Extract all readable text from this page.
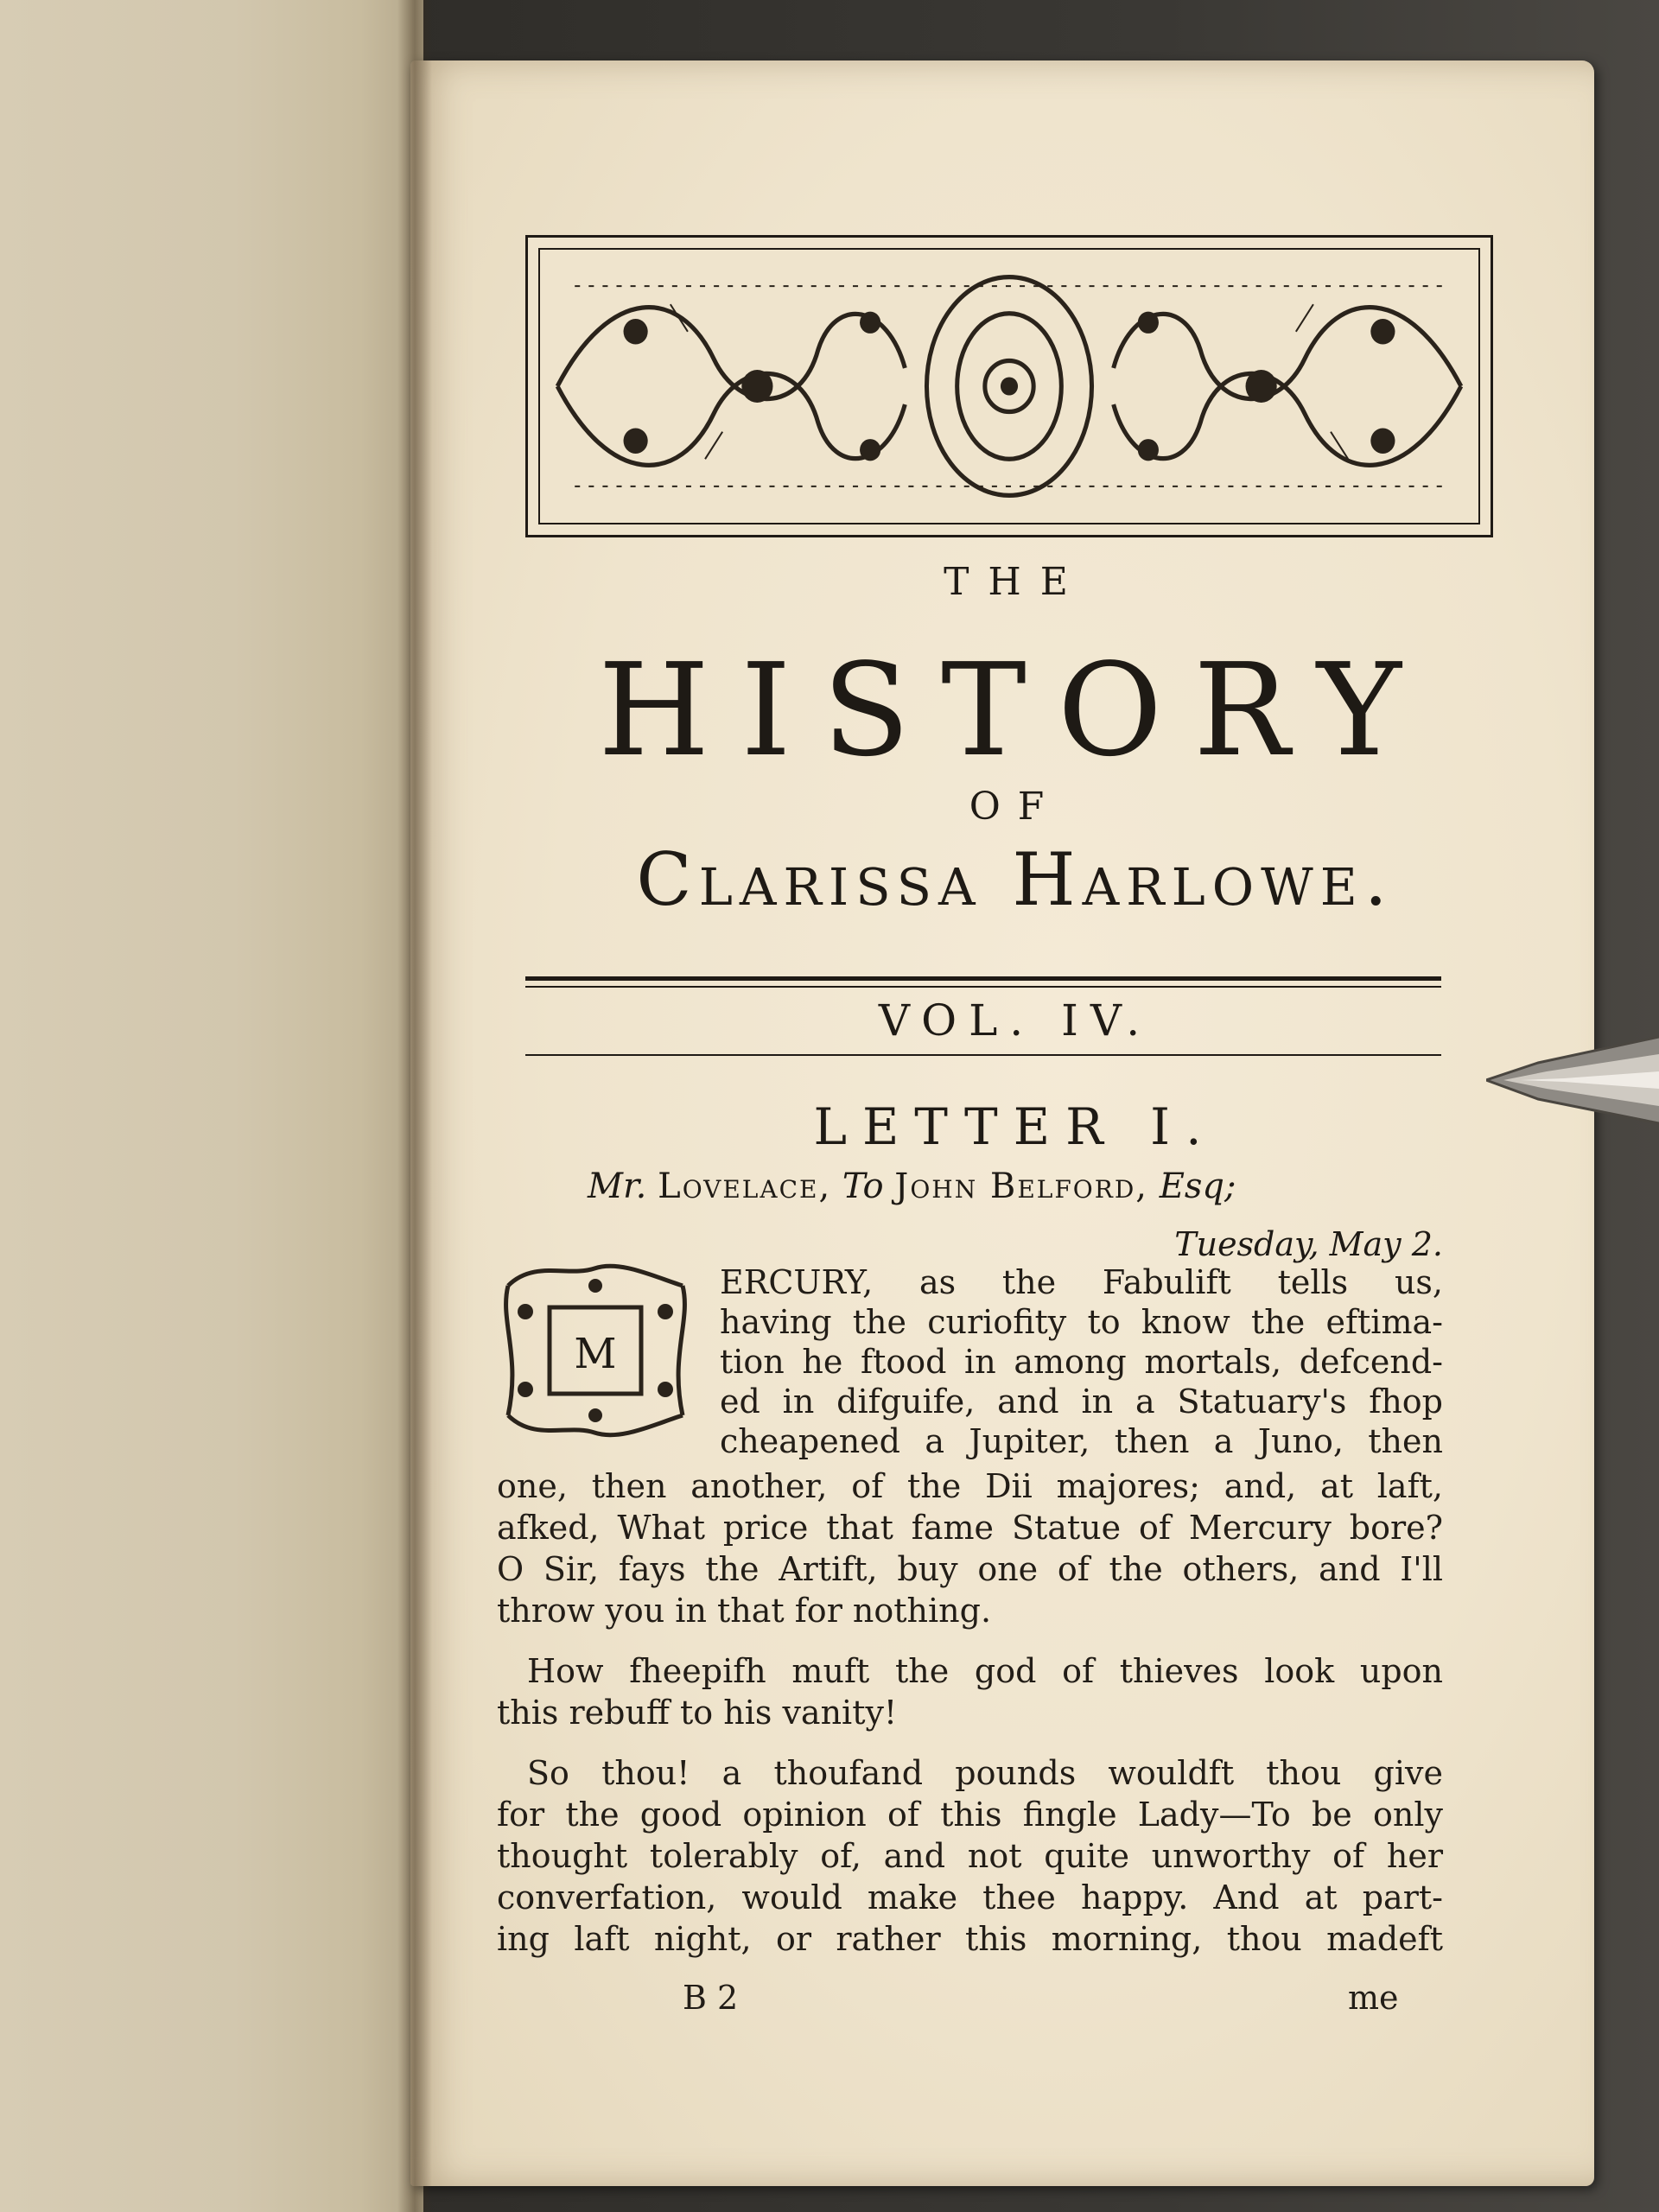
THE
HISTORY
OF
Clarissa Harlowe.
VOL. IV.
LETTER I.
Mr. Lovelace, To John Belford, Esq;
Tuesday, May 2.
M
ERCURY, as the Fabulift tells us,
having the curiofity to know the eftima-
tion he ftood in among mortals, defcend-
ed in difguife, and in a Statuary's fhop
cheapened a Jupiter, then a Juno, then
one, then another, of the Dii majores; and, at laft,
afked, What price that fame Statue of Mercury bore?
O Sir, fays the Artift, buy one of the others, and I'll
throw you in that for nothing.
How fheepifh muft the god of thieves look upon
this rebuff to his vanity!
So thou! a thoufand pounds wouldft thou give
for the good opinion of this fingle Lady—To be only
thought tolerably of, and not quite unworthy of her
converfation, would make thee happy. And at part-
ing laft night, or rather this morning, thou madeft
B 2	me
